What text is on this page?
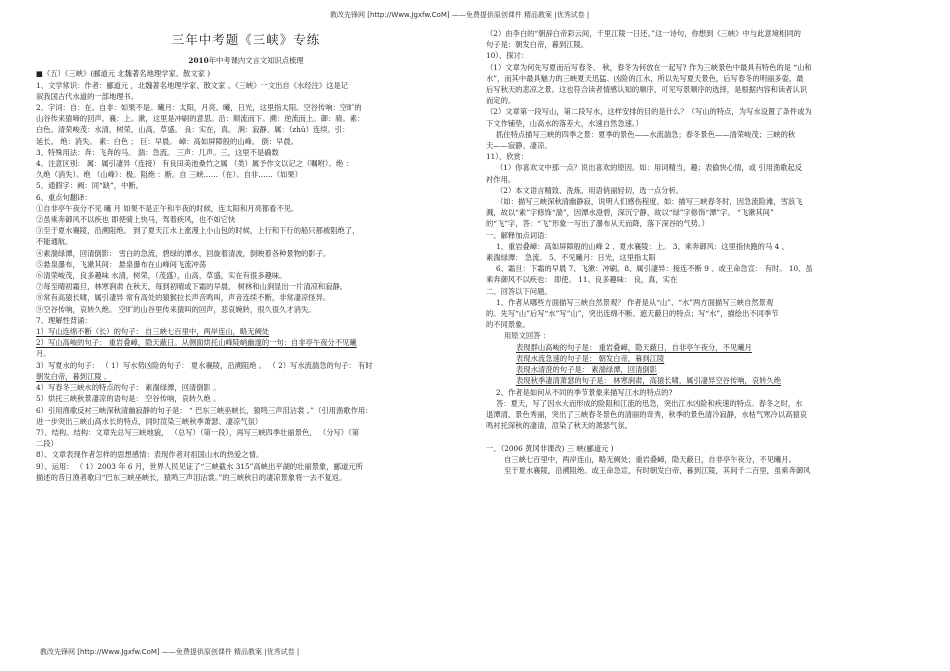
教改先锋网 [http://Www.Jgxfw.CoM] ——免费提供原创课件 精品教案 |优秀试卷 |
三年中考题《三峡》专练
2010年中考课内文言文知识点梳理

■（五）《三峡》(郦道元 北魏著名地理学家、散文家 )

1、文学常识：作者：郦道元 ，北魏著名地理学家、散文家 。《三峡》一文出自《水经注》这是记

叙我国古代水道的一部地理书。

2、字词：自：在。自非：如果不是。曦月：太阳，月亮。曦，日光，这里指太阳。空谷传响：空旷的

山谷传来猿啼的回声。襄：上。漱，这里是冲刷的意思。沿：顺流而下。溯：逆流而上。御：骑。素：

白色。清荣峻茂：水清，树荣，山高，草盛。 良：实在，真。 涧：寂静。属：（zhǔ）连续。引：

延长。 绝：消失。 素：白色 ； 巨：早晨。 嶂：高如屏障般的山峰。 倒：早晨。

3、特殊用法：奔：飞奔的马。 湍：急流。 三声：几声。三，这里不是确数

4、注意区别： 属：属引凄异（连接） 有良田美池桑竹之属 （类）属予作文以记之（嘱咐）。绝 ：

久绝（消失）。绝 （山峰）：极。阻绝 ：断。自 三峡……（在）。自非……（如果）

5、通假字：阙：同“缺”，中断。

6、重点句翻译：

①自非亭午夜分不见 曦 月 如果不是正午和半夜的时候，连太阳和月亮都看不见。

②虽乘奔御风不以疾也 即使骑上快马，驾着疾风，也不如它快

③至于夏水襄陵，沿溯阻绝。 到了夏天江水上涨漫上小山包的时候，上行和下行的船只都被阻绝了，

不能通航。

④素湍绿潭，回清倒影： 雪白的急流，碧绿的潭水，回旋着清波，倒映着各种景物的影子。

⑤悬泉瀑布，飞漱其间： 悬泉瀑布在山峰间飞流冲荡

⑥清荣峻茂，良多趣味 水清，树荣，（茂盛），山高，草盛，实在有很多趣味。

⑦每至晴初霜旦，林寒涧肃 在秋天，每到初晴或下霜的早晨， 树林和山涧显出一片清凉和寂静。

⑧常有高猿长啸，属引凄异 常有高处的猿猴拉长声音鸣叫，声音连续不断，非常凄凉怪异。

⑨空谷传响，哀转久绝。 空旷的山谷里传来猿叫的回声，悲哀婉转，很久很久才消失。

7、理解性背诵：

1）写山连绵不断（长）的句子： 自三峡七百里中，两岸连山，略无阙处

2）写山高峻的句子： 重岩叠嶂，隐天蔽日。从侧面烘托山峰陡峭幽邃的一句：自非亭午夜分不见曦

月。

3）写夏水的句子： （ 1）写水势凶险的句子： 夏水襄陵，沿溯阻绝 。 （ 2）写水流湍急的句子： 有时

朝发白帝，暮到江陵 。

4）写春冬三峡水的特点的句子： 素湍绿潭，回清倒影 。

5）烘托三峡秋景凄凉的语句是： 空谷传响，哀转久绝 。

6）引用渔歌反衬三峡深秋清幽寂静的句子是： “ 巴东三峡巫峡长，猿鸣三声泪沾裳 。”（引用渔歌作用：

进一步突出三峡山高水长的特点，同时渲染三峡秋季萧瑟、凄凉气氛）

7）、结构。结构：文章先总写三峡地貌， （总写）（第一段），再写三峡四季壮丽景色， （分写）（第

二段）

8）、文章表现作者怎样的思想感情：表现作者对祖国山水的热爱之情。

9）、运用： （ 1）2003 年 6 月，世界人民见证了“三峡截水 315”高峡出平湖的壮丽景象，郦道元所

描述的昔日渔者歌曰“巴东三峡巫峡长，猿鸣三声泪沾裳。”的三峡秋日的凄凉景象将一去不复返。

（2）由李白的“朝辞白帝彩云间，千里江陵一日还。”这一诗句，你想到《三峡》中与此意境相同的

句子是：朝发白帝，暮到江陵。

10）、探讨：

（1）文章为何先写夏而后写春冬、 秋，春冬为何放在一起写? 作为三峡景色中最具有特色的是 “山和

水”，而其中最具魅力的三峡夏天迅猛、凶险的江水，所以先写夏天景色，后写春冬的明丽多姿，最

后写秋天的悲凉之景。这也符合读者情感认知的顺序，可见写景顺序的选择，是根据内容和读者认识

而定的。

（2）文章第一段写山，第二段写水，这样安排的目的是什么？（写山的特点，为写水设置了条件或为

下文作铺垫，山高水的落差大，水速自然急速。）

抓住特点描写三峡的四季之景：夏季的景色——水流湍急；春冬景色——清荣峻茂；三峡的秋

天——寂静、凄凉。

11）、欣赏：

（1）你喜欢文中那一点？说出喜欢的原因。如：用词精当，趣；表偷快心情，或 引用渔歌起反

衬作用。

（2）本文语言精致、洗炼，用语俏丽轻切，选一点分析。

（如：描写三峡深秋清幽静寂，说明人们感伤程度。如：描写三峡春冬时，因急流险滩，雪浪飞

溅，故以“素”字修饰“湍”，因潭水澄碧，深沉宁静，故以“绿”字修饰“潭”字。 “飞漱其间”

的“飞”字，答：“飞”形象一写出了瀑布从天而降，落下深谷的气势。）

一、解释加点词语：

1、重岩叠嶂：高如屏障般的山峰 2 、夏水襄陵：上。 3、乘奔御风：这里指快跑的马 4 、

素湍绿潭： 急流。 5、不见曦月：日光，这里指太阳

6、霜旦：下霜的早晨 7、飞漱：冲刷。8、属引凄异：接连不断 9 、或王命急宣： 有时。 10、虽

乘奔御风不以疾也： 即使。 11、良多趣味： 良，真，实在

二、回答以下问题。

1、作者从哪些方面描写三峡自然景观？ 作者是从“山”、“水”两方面描写三峡自然景观

的。先写“山”后写“水”写“山”，突出连绵不断、遮天蔽日的特点；写“水”，描绘出不同季节

的不同景象。

用原文回答 ：

表现群山高峻的句子是： 重岩叠嶂，隐天蔽日，自非亭午夜分，不见曦月

表现水流急速的句子是： 朝发白帝，暮到江陵

表现水清澄的句子是： 素湍绿潭，回清倒影

表现秋季凄清萧瑟的句子是： 林寒涧肃，高猿长啸，属引凄异空谷传响，哀转久绝

2、作者是如何从不同的季节景象来描写江水的特点的?

答：夏天，写了因水大而形成的险阻和江流的迅急，突出江水凶险和疾速的特点。春冬之时，水

退潭清，景色秀丽，突出了三峡春冬景色的清丽的奇秀，秋季的景色清冷寂静，水枯气寒冷以高猿哀

鸣衬托深秋的凄清，渲染了秋天的萧瑟气氛。

一、（2006 黄冈非课改) 三 峡(郦道元 )

自三峡七百里中，两岸连山，略无阙处；重岩叠嶂，隐天蔽日，自非亭午夜分，不见曦月。

至于夏水襄陵，沿溯阻绝。或王命急宣，有时朝发白帝，暮到江陵，其间千二百里，虽乘奔御风

教改先锋网 [http://Www.Jgxfw.CoM] ——免费提供原创课件 精品教案 |优秀试卷 |
